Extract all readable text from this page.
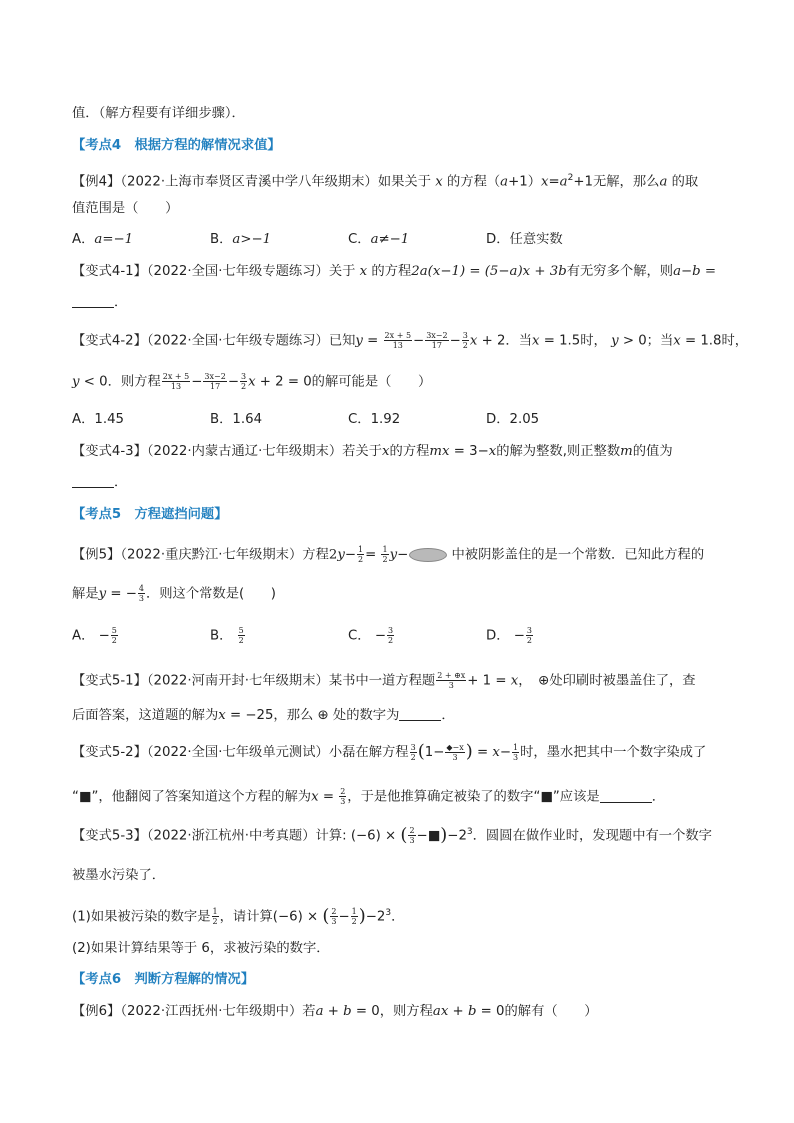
值．（解方程要有详细步骤）．
【考点4　根据方程的解情况求值】
【例4】（2022·上海市奉贤区青溪中学八年级期末）如果关于 x 的方程$(a+1)x=a^2+1$无解，那么a 的取
值范围是（　　）
A．a=−1	B．a>−1	C．a≠−1	D．任意实数
【变式4-1】（2022·全国·七年级专题练习）关于 x 的方程2a(x−1) = (5−a)x + 3b有无穷多个解，则a−b =
．
【变式4-2】（2022·全国·七年级专题练习）已知$y = \frac{2x + 5}{13} - \frac{3x-2}{17} - \frac{3}{2}$ x + 2．当x = 1.5时， y > 0；当x = 1.8时，
y < 0．则方程 $\frac{2x + 5}{13} - \frac{3x-2}{17} - \frac{3}{2}$ x + 2 = 0的解可能是（　　）
A．1.45	B．1.64	C．1.92	D．2.05
【变式4-3】（2022·内蒙古通辽·七年级期末）若关于x的方程mx = 3−x的解为整数,则正整数m的值为
．
【考点5　方程遮挡问题】
【例5】（2022·重庆黔江·七年级期末）方程$2y- \frac{1}{2} = \frac{1}{2} y-$	中被阴影盖住的是一个常数．已知此方程的
解是y = − $\frac{4}{3}$ ．则这个常数是(　　)
A． − $\frac{5}{2}$	B． $\frac{5}{2}$	C． − $\frac{3}{2}$	D． − $\frac{3}{2}$
【变式5-1】（2022·河南开封·七年级期末）某书中一道方程题 $\frac{2 + \oplus x}{3} + 1 = x$，　⊕处印刷时被墨盖住了，查
后面答案，这道题的解为x = −25，那么 ⊕ 处的数字为	．
【变式5-2】（2022·全国·七年级单元测试）小磊在解方程 $\frac{3}{2} (1- \frac{◆-x}{3}$ ) = $x- \frac{1}{3}$ 时，墨水把其中一个数字染成了
“■”，他翻阅了答案知道这个方程的解为$x = \frac{2}{3}$ ，于是他推算确定被染了的数字“■”应该是	．
【变式5-3】（2022·浙江杭州·中考真题）计算: (−6) × ( $\frac{2}{3}$ $-■)-2^3$．圆圆在做作业时，发现题中有一个数字
被墨水污染了．
(1)如果被污染的数字是 $\frac{1}{2}$ ，请计算(−6) × ( $\frac{2}{3} - \frac{1}{2} )-2^3$．
(2)如果计算结果等于 6，求被污染的数字．
【考点6　判断方程解的情况】
【例6】（2022·江西抚州·七年级期中）若a + b = 0，则方程ax + b = 0的解有（　　）
